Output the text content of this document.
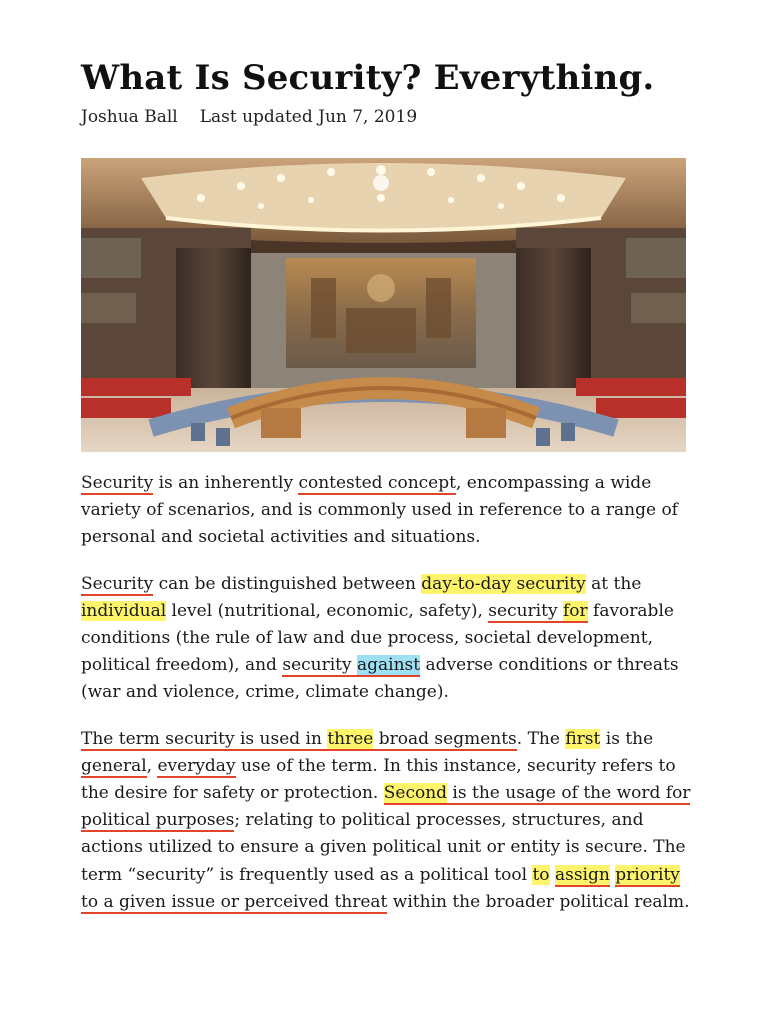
What Is Security? Everything.
Joshua Ball Last updated Jun 7, 2019

Security is an inherently contested concept, encompassing a wide variety of scenarios, and is commonly used in reference to a range of personal and societal activities and situations.

Security can be distinguished between day-to-day security at the individual level (nutritional, economic, safety), security for favorable conditions (the rule of law and due process, societal development, political freedom), and security against adverse conditions or threats (war and violence, crime, climate change).

The term security is used in three broad segments. The first is the general, everyday use of the term. In this instance, security refers to the desire for safety or protection. Second is the usage of the word for political purposes; relating to political processes, structures, and actions utilized to ensure a given political unit or entity is secure. The term “security” is frequently used as a political tool to assign priority to a given issue or perceived threat within the broader political realm.
